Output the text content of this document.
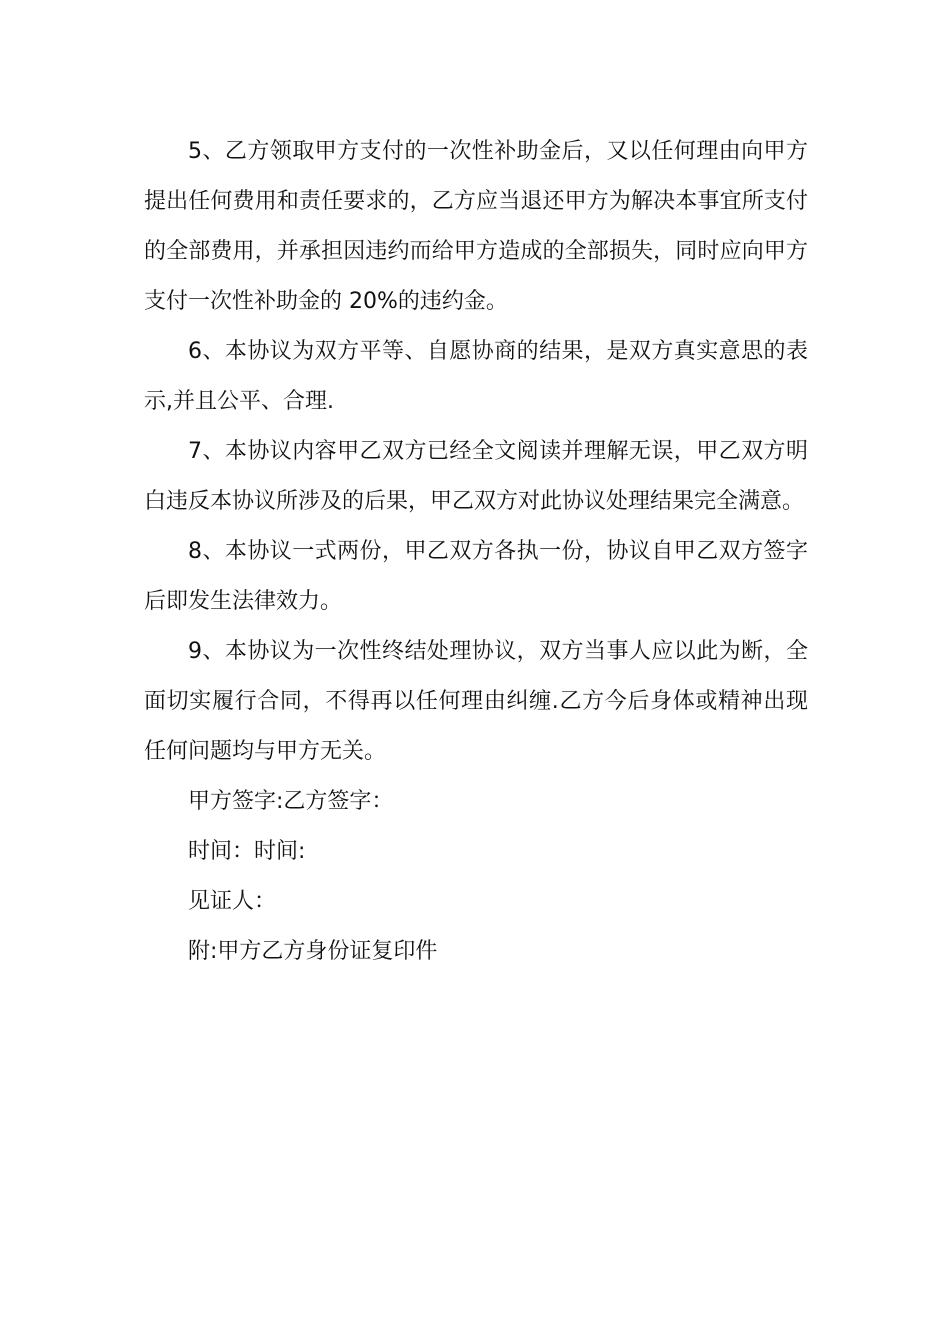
5、乙方领取甲方支付的一次性补助金后，又以任何理由向甲方提出任何费用和责任要求的，乙方应当退还甲方为解决本事宜所支付的全部费用，并承担因违约而给甲方造成的全部损失，同时应向甲方支付一次性补助金的 20%的违约金。

6、本协议为双方平等、自愿协商的结果，是双方真实意思的表示,并且公平、合理.

7、本协议内容甲乙双方已经全文阅读并理解无误，甲乙双方明白违反本协议所涉及的后果，甲乙双方对此协议处理结果完全满意。

8、本协议一式两份，甲乙双方各执一份，协议自甲乙双方签字后即发生法律效力。

9、本协议为一次性终结处理协议，双方当事人应以此为断，全面切实履行合同，不得再以任何理由纠缠.乙方今后身体或精神出现任何问题均与甲方无关。

甲方签字:乙方签字：

时间：时间:

见证人：

附:甲方乙方身份证复印件
